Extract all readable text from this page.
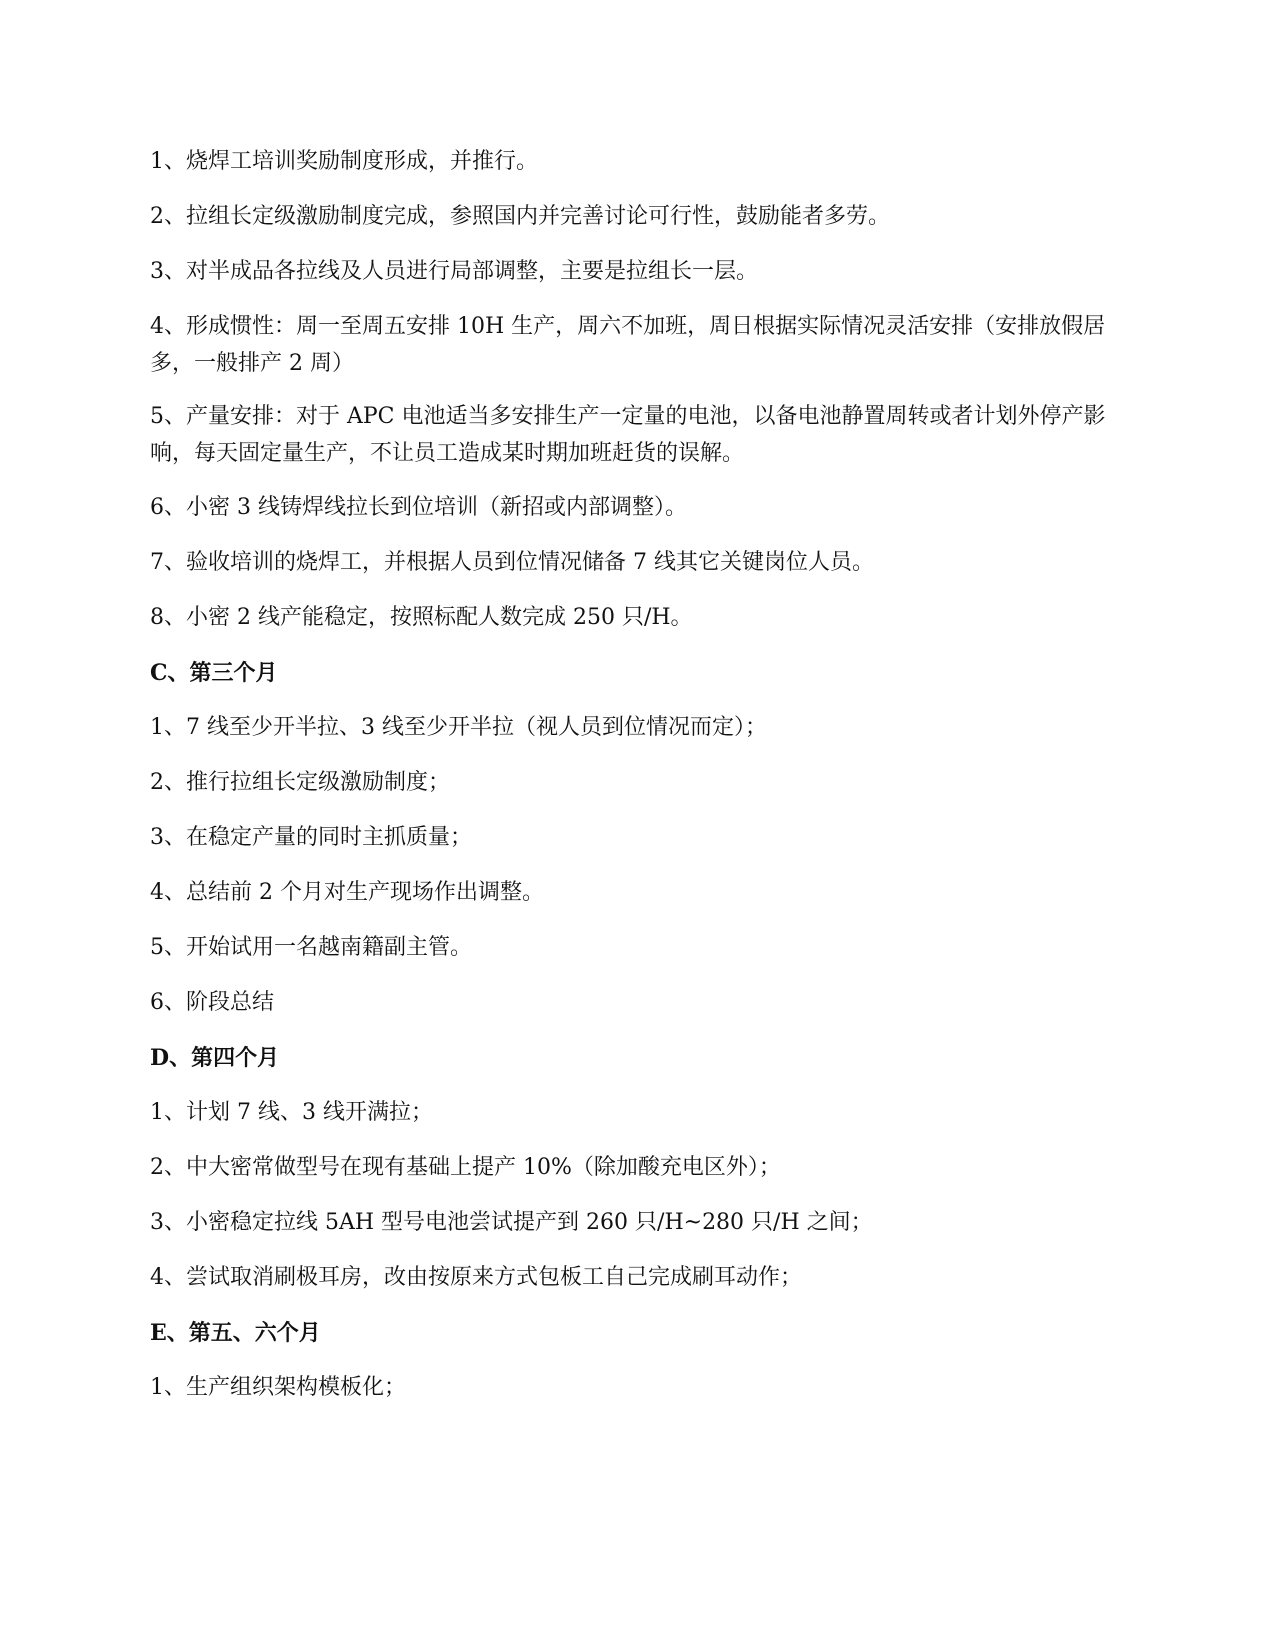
1、烧焊工培训奖励制度形成，并推行。
2、拉组长定级激励制度完成，参照国内并完善讨论可行性，鼓励能者多劳。
3、对半成品各拉线及人员进行局部调整，主要是拉组长一层。
4、形成惯性：周一至周五安排 10H 生产，周六不加班，周日根据实际情况灵活安排（安排放假居多，一般排产 2 周）
5、产量安排：对于 APC 电池适当多安排生产一定量的电池，以备电池静置周转或者计划外停产影响，每天固定量生产，不让员工造成某时期加班赶货的误解。
6、小密 3 线铸焊线拉长到位培训（新招或内部调整）。
7、验收培训的烧焊工，并根据人员到位情况储备 7 线其它关键岗位人员。
8、小密 2 线产能稳定，按照标配人数完成 250 只/H。
C、第三个月
1、7 线至少开半拉、3 线至少开半拉（视人员到位情况而定）；
2、推行拉组长定级激励制度；
3、在稳定产量的同时主抓质量；
4、总结前 2 个月对生产现场作出调整。
5、开始试用一名越南籍副主管。
6、阶段总结
D、第四个月
1、计划 7 线、3 线开满拉；
2、中大密常做型号在现有基础上提产 10%（除加酸充电区外）；
3、小密稳定拉线 5AH 型号电池尝试提产到 260 只/H~280 只/H 之间；
4、尝试取消刷极耳房，改由按原来方式包板工自己完成刷耳动作；
E、第五、六个月
1、生产组织架构模板化；
